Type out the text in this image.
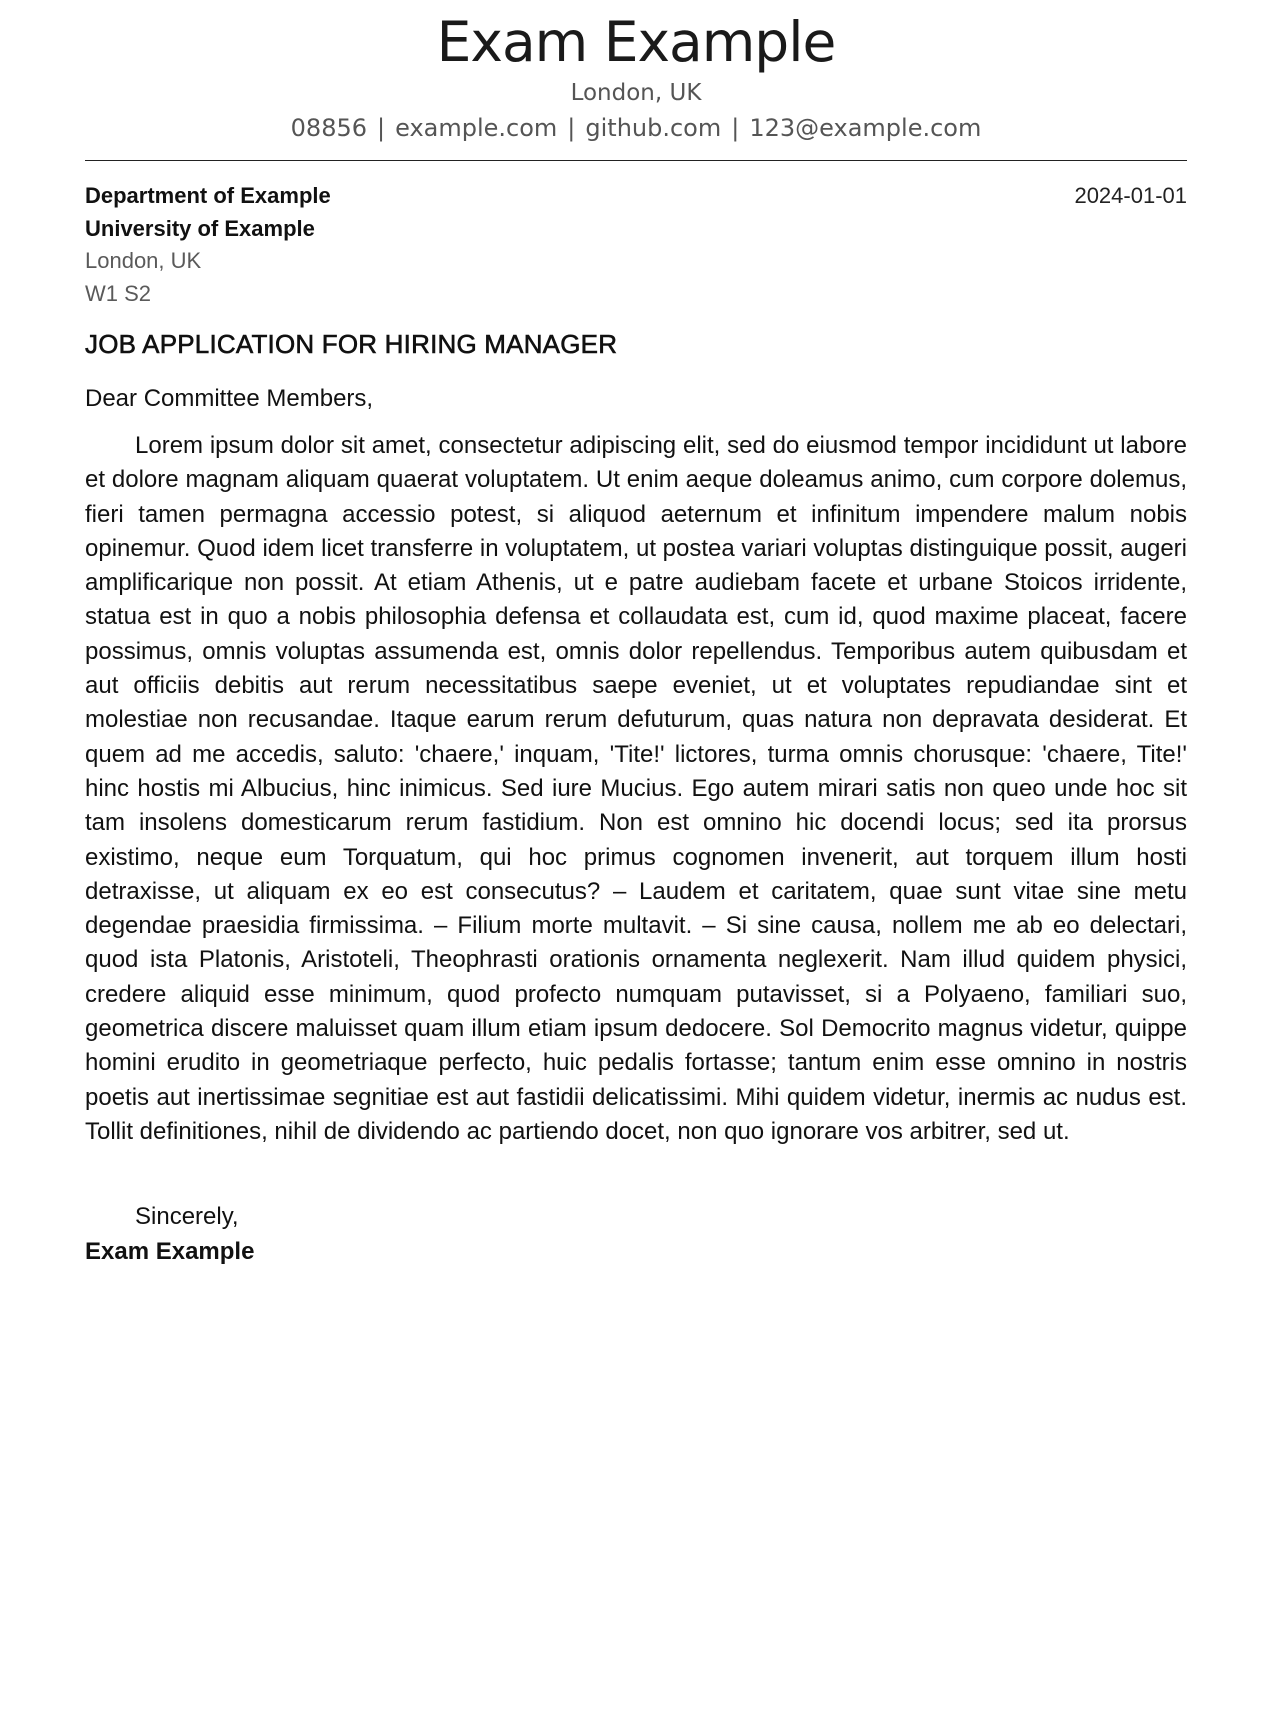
Exam Example
London, UK
08856 | example.com | github.com | 123@example.com
Department of Example
University of Example
London, UK
W1 S2
2024-01-01
JOB APPLICATION FOR HIRING MANAGER
Dear Committee Members,

Lorem ipsum dolor sit amet, consectetur adipiscing elit, sed do eiusmod tempor incididunt ut labore et dolore magnam aliquam quaerat voluptatem. Ut enim aeque doleamus animo, cum corpore dolemus, fieri tamen permagna accessio potest, si aliquod aeternum et infinitum impendere malum nobis opinemur. Quod idem licet transferre in voluptatem, ut postea variari voluptas distinguique possit, augeri amplificarique non possit. At etiam Athenis, ut e patre audiebam facete et urbane Stoicos irridente, statua est in quo a nobis philosophia defensa et collaudata est, cum id, quod maxime placeat, facere possimus, omnis voluptas assumenda est, omnis dolor repellendus. Temporibus autem quibusdam et aut officiis debitis aut rerum necessitatibus saepe eveniet, ut et voluptates repudiandae sint et molestiae non recusandae. Itaque earum rerum defuturum, quas natura non depravata desiderat. Et quem ad me accedis, saluto: 'chaere,' inquam, 'Tite!' lictores, turma omnis chorusque: 'chaere, Tite!' hinc hostis mi Albucius, hinc inimicus. Sed iure Mucius. Ego autem mirari satis non queo unde hoc sit tam insolens domesticarum rerum fastidium. Non est omnino hic docendi locus; sed ita prorsus existimo, neque eum Torquatum, qui hoc primus cognomen invenerit, aut torquem illum hosti detraxisse, ut aliquam ex eo est consecutus? – Laudem et caritatem, quae sunt vitae sine metu degendae praesidia firmissima. – Filium morte multavit. – Si sine causa, nollem me ab eo delectari, quod ista Platonis, Aristoteli, Theophrasti orationis ornamenta neglexerit. Nam illud quidem physici, credere aliquid esse minimum, quod profecto numquam putavisset, si a Polyaeno, familiari suo, geometrica discere maluisset quam illum etiam ipsum dedocere. Sol Democrito magnus videtur, quippe homini erudito in geometriaque perfecto, huic pedalis fortasse; tantum enim esse omnino in nostris poetis aut inertissimae segnitiae est aut fastidii delicatissimi. Mihi quidem videtur, inermis ac nudus est. Tollit definitiones, nihil de dividendo ac partiendo docet, non quo ignorare vos arbitrer, sed ut.

Sincerely,
Exam Example
